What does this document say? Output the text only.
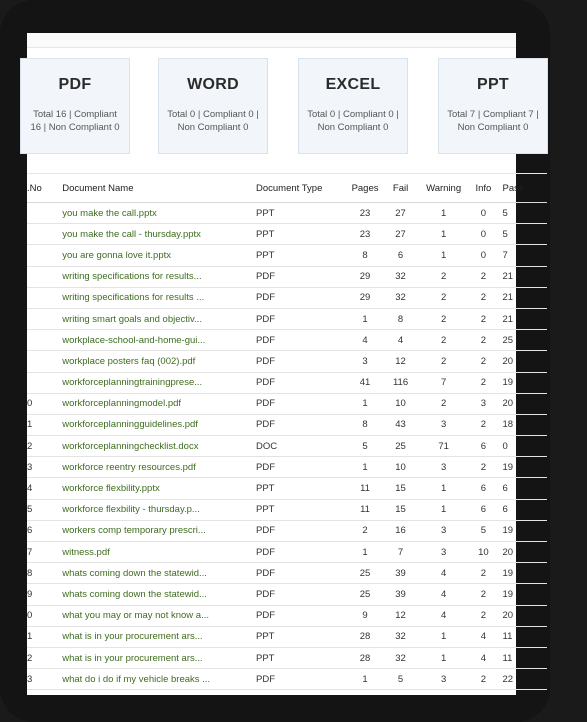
PDF
Total 16 | Compliant 16 | Non Compliant 0
WORD
Total 0 | Compliant 0 | Non Compliant 0
EXCEL
Total 0 | Compliant 0 | Non Compliant 0
PPT
Total 7 | Compliant 7 | Non Compliant 0
.No	Document Name	Document Type	Pages	Fail	Warning	Info	Pass
	you make the call.pptx	PPT	23	27	1	0	5
	you make the call - thursday.pptx	PPT	23	27	1	0	5
	you are gonna love it.pptx	PPT	8	6	1	0	7
	writing specifications for results...	PDF	29	32	2	2	21
	writing specifications for results ...	PDF	29	32	2	2	21
	writing smart goals and objectiv...	PDF	1	8	2	2	21
	workplace-school-and-home-gui...	PDF	4	4	2	2	25
	workplace posters faq (002).pdf	PDF	3	12	2	2	20
	workforceplanningtrainingprese...	PDF	41	116	7	2	19
0	workforceplanningmodel.pdf	PDF	1	10	2	3	20
1	workforceplanningguidelines.pdf	PDF	8	43	3	2	18
2	workforceplanningchecklist.docx	DOC	5	25	71	6	0
3	workforce reentry resources.pdf	PDF	1	10	3	2	19
4	workforce flexbility.pptx	PPT	11	15	1	6	6
5	workforce flexbility - thursday.p...	PPT	11	15	1	6	6
6	workers comp temporary prescri...	PDF	2	16	3	5	19
7	witness.pdf	PDF	1	7	3	10	20
8	whats coming down the statewid...	PDF	25	39	4	2	19
9	whats coming down the statewid...	PDF	25	39	4	2	19
0	what you may or may not know a...	PDF	9	12	4	2	20
1	what is in your procurement ars...	PPT	28	32	1	4	11
2	what is in your procurement ars...	PPT	28	32	1	4	11
3	what do i do if my vehicle breaks ...	PDF	1	5	3	2	22
